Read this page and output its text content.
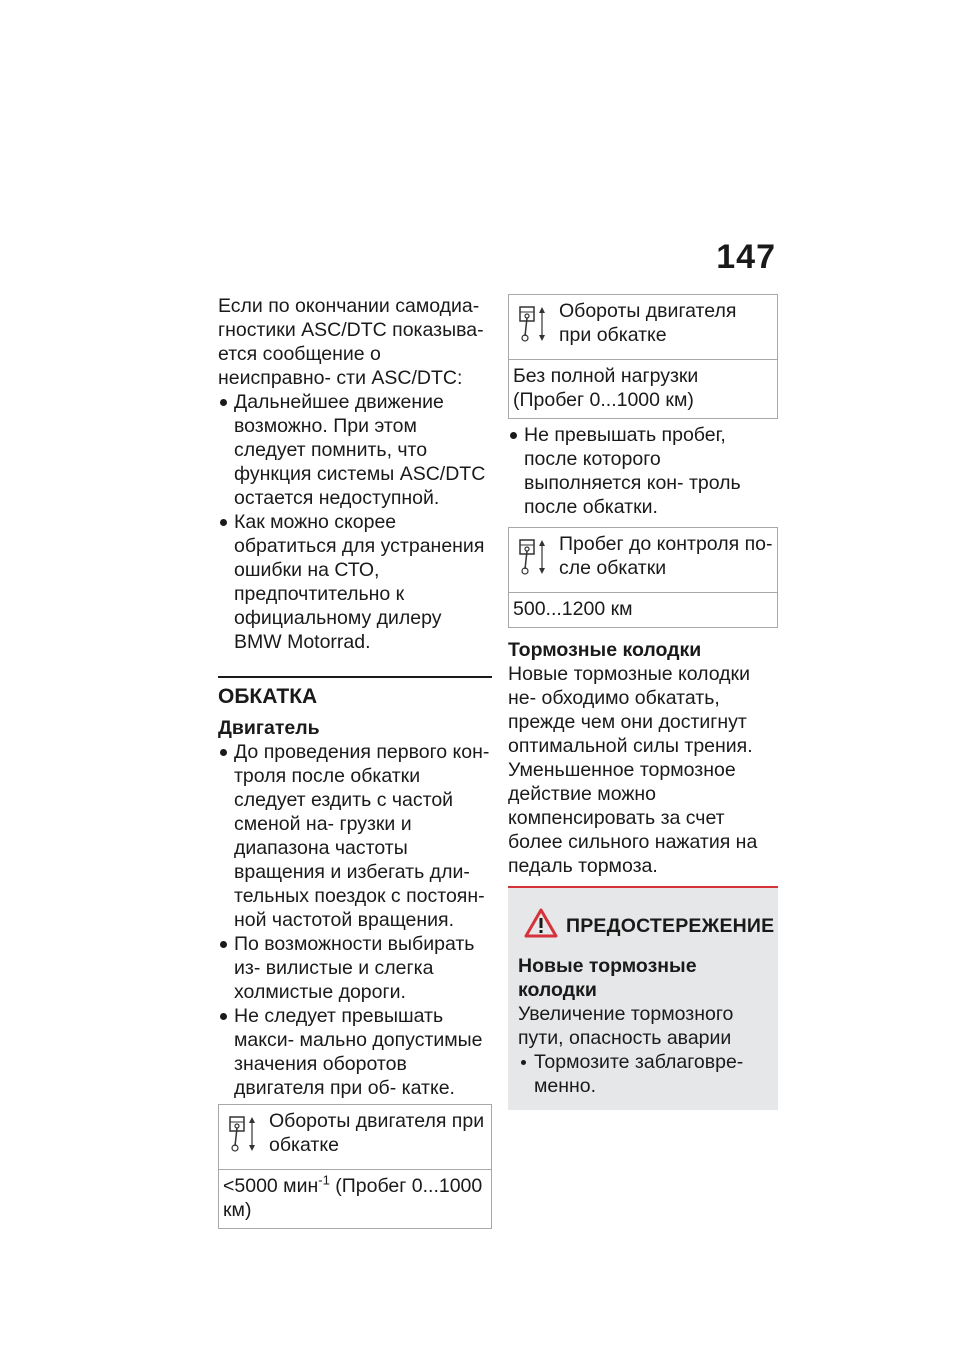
147

Если по окончании самодиа- гностики ASC/DTC показыва- ется сообщение о неисправно- сти ASC/DTC:

Дальнейшее движение возможно. При этом следует помнить, что функция системы ASC/DTC остается недоступной.
Как можно скорее обратиться для устранения ошибки на СТО, предпочтительно к официальному дилеру BMW Motorrad.
ОБКАТКА
Двигатель
До проведения первого кон- троля после обкатки следует ездить с частой сменой на- грузки и диапазона частоты вращения и избегать дли- тельных поездок с постоян- ной частотой вращения.
По возможности выбирать из- вилистые и слегка холмистые дороги.
Не следует превышать макси- мально допустимые значения оборотов двигателя при об- катке.
Обороты двигателя при обкатке
<5000 мин$^{-1}$ (Пробег 0...1000 км)
Обороты двигателя при обкатке
Без полной нагрузки (Пробег 0...1000 км)
Не превышать пробег, после которого выполняется кон- троль после обкатки.
Пробег до контроля по- сле обкатки
500...1200 км
Тормозные колодки

Новые тормозные колодки не- обходимо обкатать, прежде чем они достигнут оптимальной силы трения. Уменьшенное тормозное действие можно компенсировать за счет более сильного нажатия на педаль тормоза.

ПРЕДОСТЕРЕЖЕНИЕ
Новые тормозные колодки

Увеличение тормозного пути, опасность аварии

Тормозите заблаговре- менно.
